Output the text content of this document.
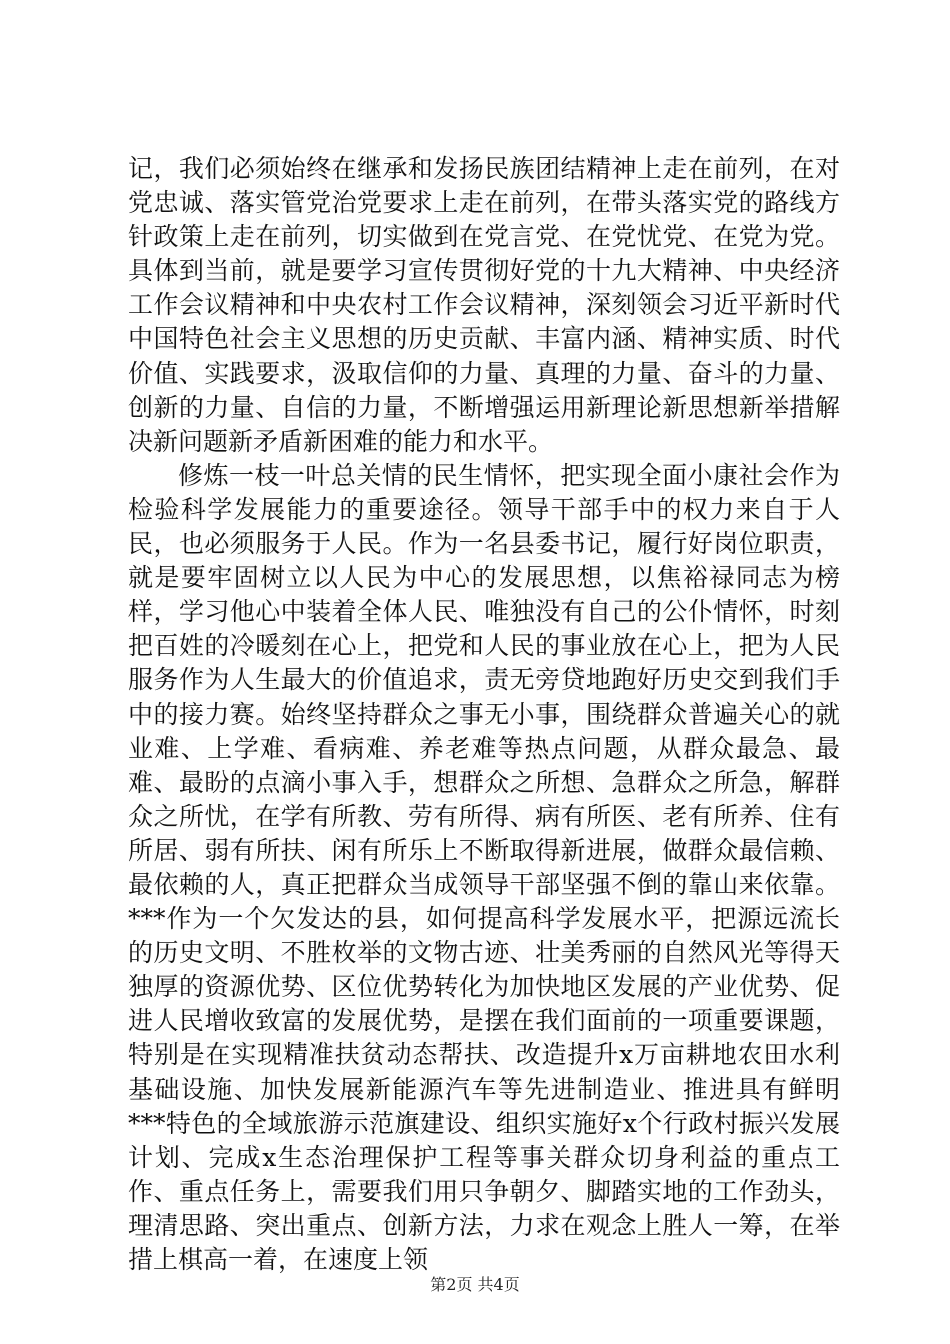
记，我们必须始终在继承和发扬民族团结精神上走在前列，在对党忠诚、落实管党治党要求上走在前列，在带头落实党的路线方针政策上走在前列，切实做到在党言党、在党忧党、在党为党。具体到当前，就是要学习宣传贯彻好党的十九大精神、中央经济工作会议精神和中央农村工作会议精神，深刻领会习近平新时代中国特色社会主义思想的历史贡献、丰富内涵、精神实质、时代价值、实践要求，汲取信仰的力量、真理的力量、奋斗的力量、创新的力量、自信的力量，不断增强运用新理论新思想新举措解决新问题新矛盾新困难的能力和水平。

修炼一枝一叶总关情的民生情怀，把实现全面小康社会作为检验科学发展能力的重要途径。领导干部手中的权力来自于人民，也必须服务于人民。作为一名县委书记，履行好岗位职责，就是要牢固树立以人民为中心的发展思想，以焦裕禄同志为榜样，学习他心中装着全体人民、唯独没有自己的公仆情怀，时刻把百姓的冷暖刻在心上，把党和人民的事业放在心上，把为人民服务作为人生最大的价值追求，责无旁贷地跑好历史交到我们手中的接力赛。始终坚持群众之事无小事，围绕群众普遍关心的就业难、上学难、看病难、养老难等热点问题，从群众最急、最难、最盼的点滴小事入手，想群众之所想、急群众之所急，解群众之所忧，在学有所教、劳有所得、病有所医、老有所养、住有所居、弱有所扶、闲有所乐上不断取得新进展，做群众最信赖、最依赖的人，真正把群众当成领导干部坚强不倒的靠山来依靠。***作为一个欠发达的县，如何提高科学发展水平，把源远流长的历史文明、不胜枚举的文物古迹、壮美秀丽的自然风光等得天独厚的资源优势、区位优势转化为加快地区发展的产业优势、促进人民增收致富的发展优势，是摆在我们面前的一项重要课题，特别是在实现精准扶贫动态帮扶、改造提升x万亩耕地农田水利基础设施、加快发展新能源汽车等先进制造业、推进具有鲜明***特色的全域旅游示范旗建设、组织实施好x个行政村振兴发展计划、完成x生态治理保护工程等事关群众切身利益的重点工作、重点任务上，需要我们用只争朝夕、脚踏实地的工作劲头，理清思路、突出重点、创新方法，力求在观念上胜人一筹，在举措上棋高一着，在速度上领

第2页 共4页
